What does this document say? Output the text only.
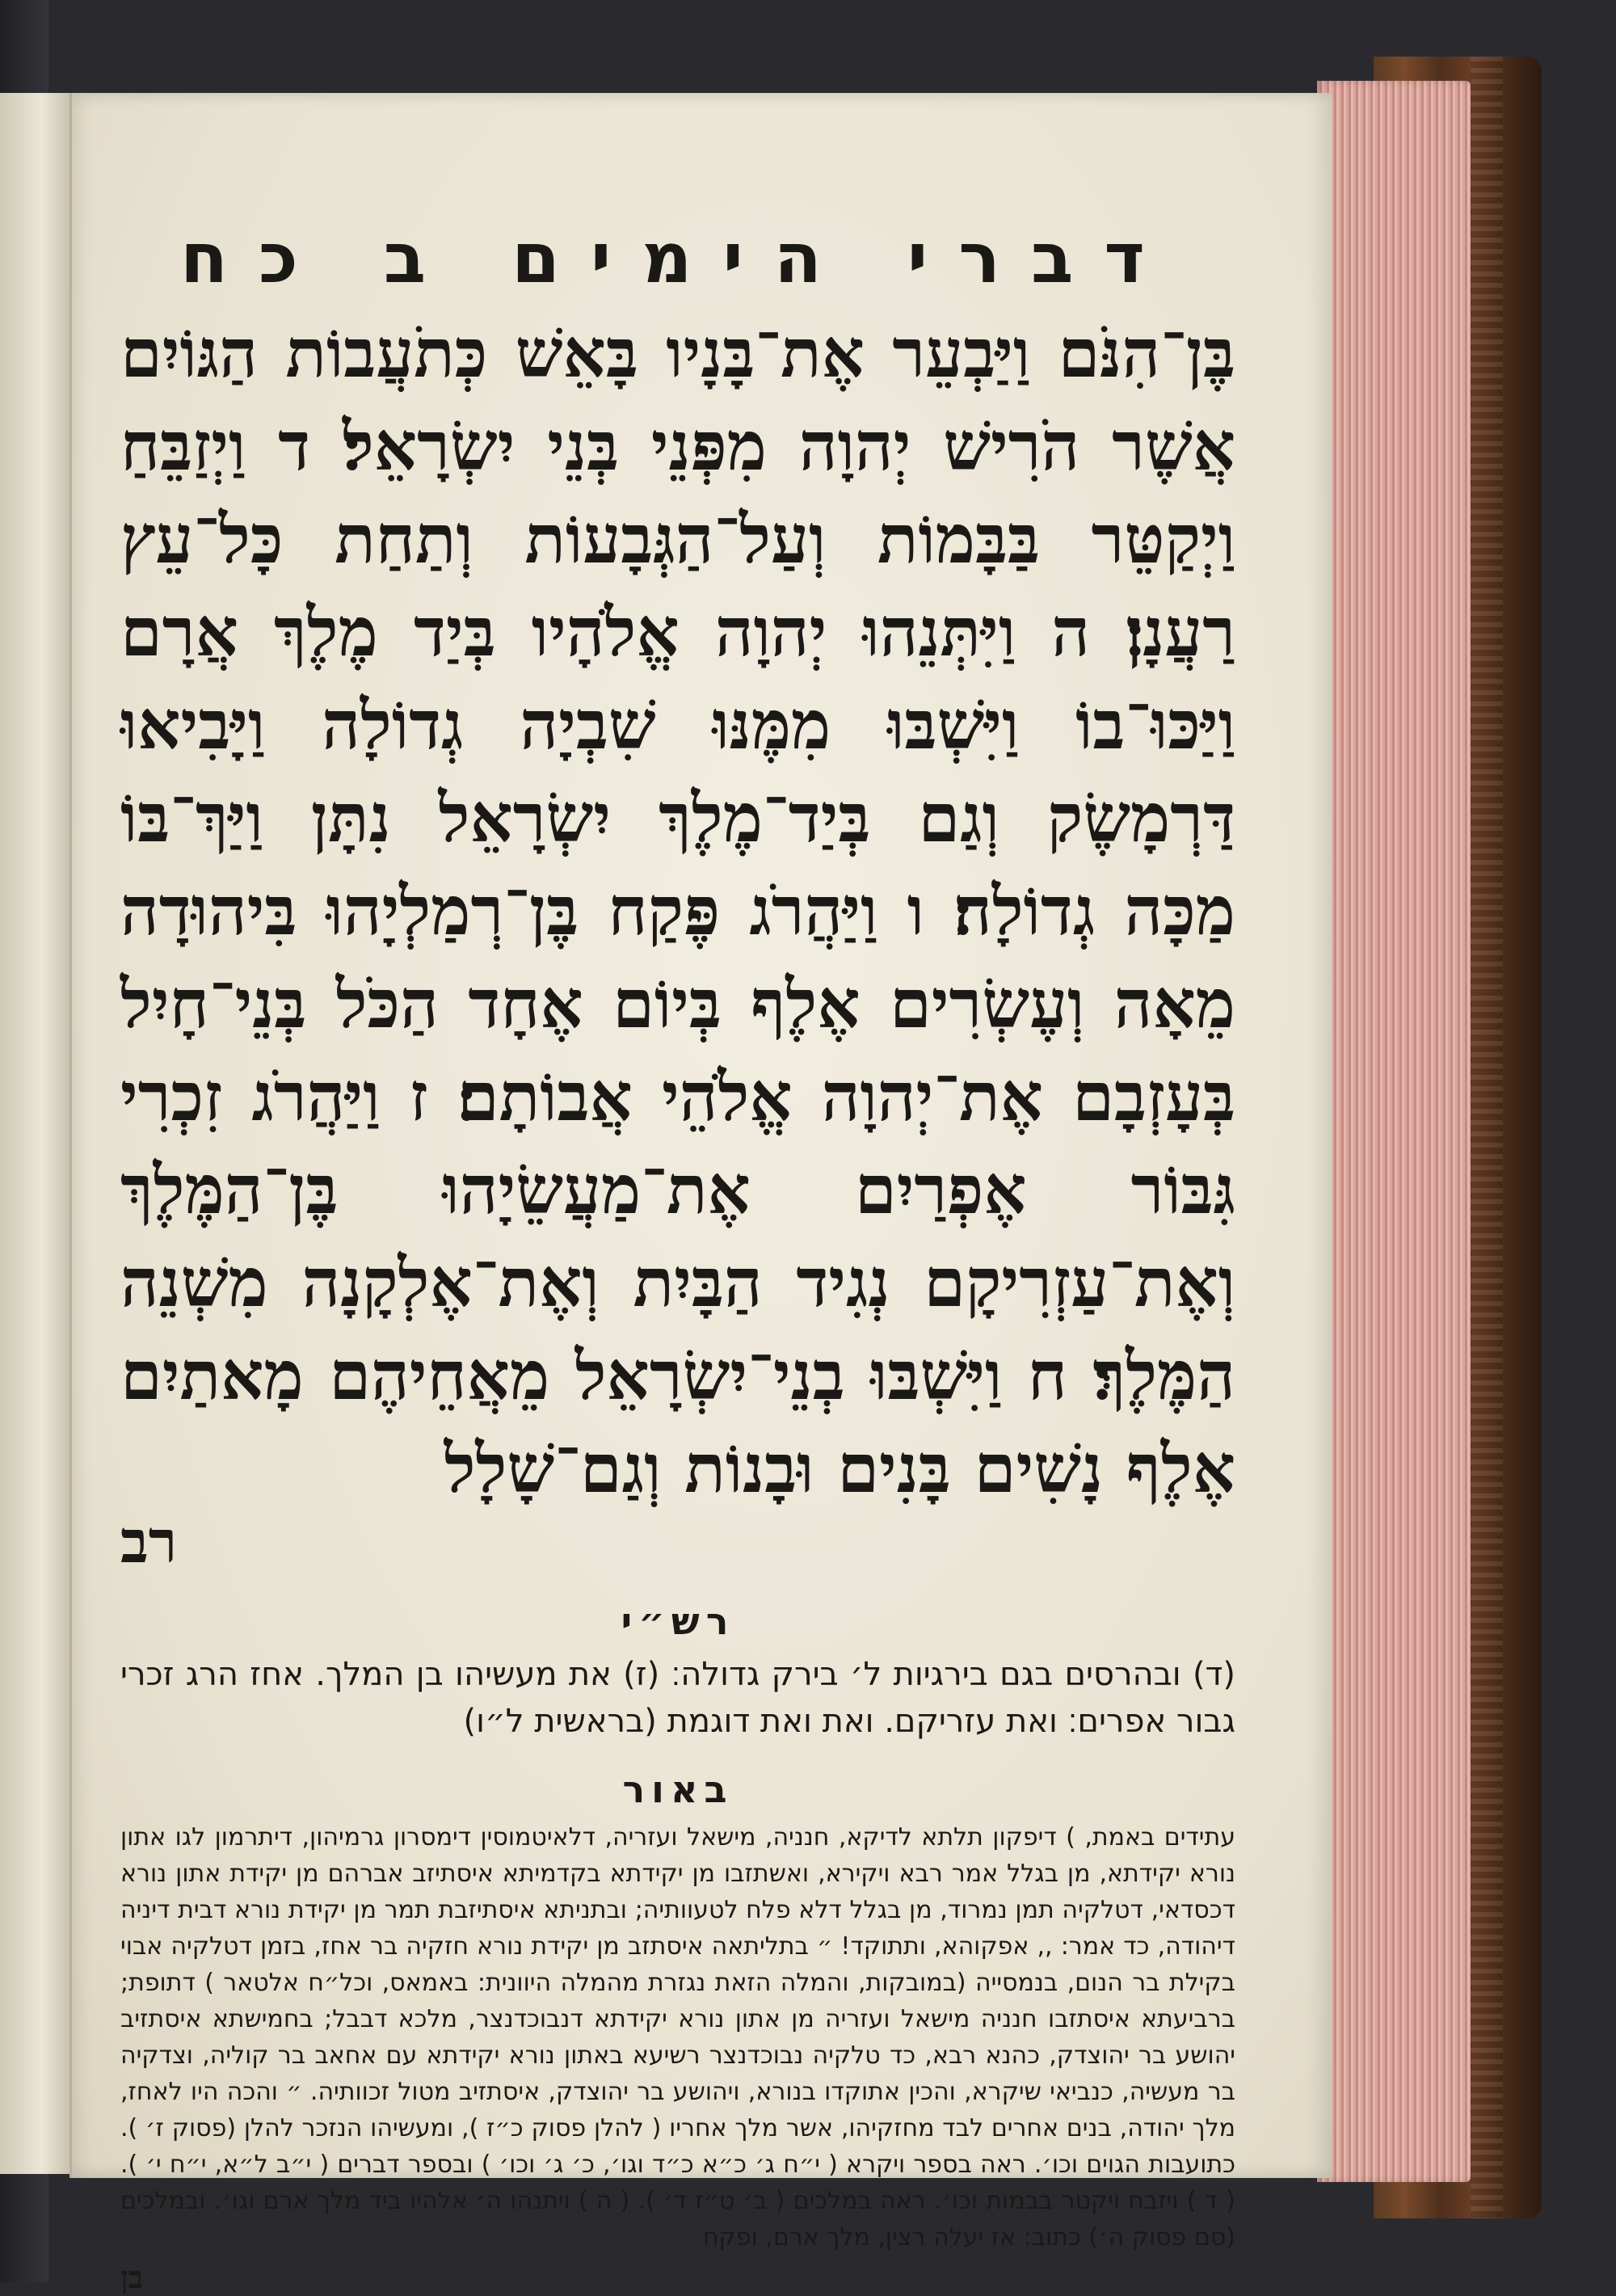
דברי הימים ב כח

בֶּן־הִנֹּם וַיַּבְעֵר אֶת־בָּנָיו בָּאֵשׁ כְּתֹעֲבוֹת הַגּוֹיִם אֲשֶׁר הֹרִישׁ יְהוָה מִפְּנֵי בְּנֵי יִשְׂרָאֵל׃ ד וַיְזַבֵּחַ וַיְקַטֵּר בַּבָּמוֹת וְעַל־הַגְּבָעוֹת וְתַחַת כָּל־עֵץ רַעֲנָן׃ ה וַיִּתְּנֵהוּ יְהוָה אֱלֹהָיו בְּיַד מֶלֶךְ אֲרָם וַיַּכּוּ־בוֹ וַיִּשְׁבּוּ מִמֶּנּוּ שִׁבְיָה גְדוֹלָה וַיָּבִיאוּ דַּרְמָשֶׂק וְגַם בְּיַד־מֶלֶךְ יִשְׂרָאֵל נִתָּן וַיַּךְ־בּוֹ מַכָּה גְדוֹלָה׃ ו וַיַּהֲרֹג פֶּקַח בֶּן־רְמַלְיָהוּ בִּיהוּדָה מֵאָה וְעֶשְׂרִים אֶלֶף בְּיוֹם אֶחָד הַכֹּל בְּנֵי־חָיִל בְּעָזְבָם אֶת־יְהוָה אֱלֹהֵי אֲבוֹתָם׃ ז וַיַּהֲרֹג זִכְרִי גִּבּוֹר אֶפְרַיִם אֶת־מַעֲשֵׂיָהוּ בֶּן־הַמֶּלֶךְ וְאֶת־עַזְרִיקָם נְגִיד הַבָּיִת וְאֶת־אֶלְקָנָה מִשְׁנֵה הַמֶּלֶךְ׃ ח וַיִּשְׁבּוּ בְנֵי־יִשְׂרָאֵל מֵאֲחֵיהֶם מָאתַיִם אֶלֶף נָשִׁים בָּנִים וּבָנוֹת וְגַם־שָׁלָל

רב
רש״י

(ד) ובהרסים בגם בירגיות ל׳ בירק גדולה׃ (ז) את מעשיהו בן המלך. אחז הרג זכרי גבור אפרים׃ ואת עזריקם. ואת ואת דוגמת (בראשית ל״ו)

באור

עתידים באמת, ) דיפקון תלתא לדיקא, חנניה, מישאל ועזריה, דלאיטמוסין דימסרון גרמיהון, דיתרמון לגו אתון נורא יקידתא, מן בגלל אמר רבא ויקירא, ואשתזבו מן יקידתא בקדמיתא איסתיזב אברהם מן יקידת אתון נורא דכסדאי, דטלקיה תמן נמרוד, מן בגלל דלא פלח לטעוותיה; ובתניתא איסתיזבת תמר מן יקידת נורא דבית דיניה דיהודה, כד אמר: ,, אפקוהא, ותתוקד! ״ בתליתאה איסתזב מן יקידת נורא חזקיה בר אחז, בזמן דטלקיה אבוי בקילת בר הנום, בנמסייה (במובקות, והמלה הזאת נגזרת מהמלה היוונית: באמאס, וכל״ח אלטאר ) דתופת; ברביעתא איסתזבו חנניה מישאל ועזריה מן אתון נורא יקידתא דנבוכדנצר, מלכא דבבל; בחמישתא איסתזיב יהושע בר יהוצדק, כהנא רבא, כד טלקיה נבוכדנצר רשיעא באתון נורא יקידתא עם אחאב בר קוליה, וצדקיה בר מעשיה, כנביאי שיקרא, והכין אתוקדו בנורא, ויהושע בר יהוצדק, איסתזיב מטול זכוותיה. ״ והכה היו לאחז, מלך יהודה, בנים אחרים לבד מחזקיהו, אשר מלך אחריו ( להלן פסוק כ״ז ), ומעשיהו הנזכר להלן (פסוק ז׳ ). כתועבות הגוים וכו׳. ראה בספר ויקרא ( י״ח ג׳ כ״א כ״ד וגו׳, כ׳ ג׳ וכו׳ ) ובספר דברים ( י״ב ל״א, י״ח י׳ ). ( ד ) ויזבח ויקטר בבמות וכו׳. ראה במלכים ( ב׳ ט״ז ד׳ ). ( ה ) ויתנהו ה׳ אלהיו ביד מלך ארם וגו׳. ובמלכים (סם פסוק ה׳) כתוב: אז יעלה רצין, מלך ארם, ופקח

בן
